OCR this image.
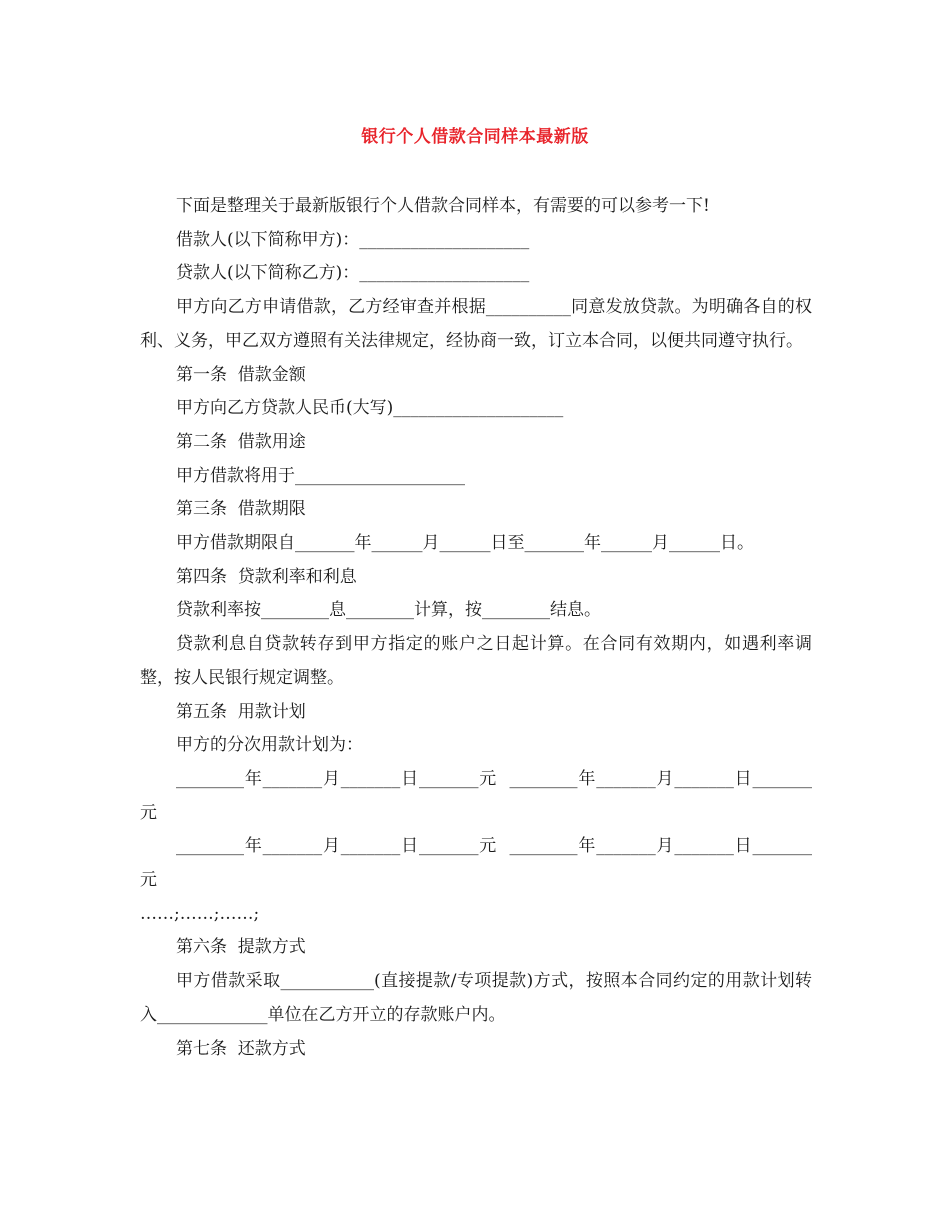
银行个人借款合同样本最新版

下面是整理关于最新版银行个人借款合同样本，有需要的可以参考一下!

借款人(以下简称甲方)：____________________

贷款人(以下简称乙方)：____________________

甲方向乙方申请借款，乙方经审查并根据__________同意发放贷款。为明确各自的权利、义务，甲乙双方遵照有关法律规定，经协商一致，订立本合同，以便共同遵守执行。

第一条  借款金额

甲方向乙方贷款人民币(大写)____________________

第二条  借款用途

甲方借款将用于____________________

第三条  借款期限

甲方借款期限自_______年______月______日至_______年______月______日。

第四条  贷款利率和利息

贷款利率按________息________计算，按________结息。

贷款利息自贷款转存到甲方指定的账户之日起计算。在合同有效期内，如遇利率调整，按人民银行规定调整。

第五条  用款计划

甲方的分次用款计划为：

________年_______月_______日_______元  ________年_______月_______日_______元

________年_______月_______日_______元  ________年_______月_______日_______元

……;……;……;

第六条  提款方式

甲方借款采取___________(直接提款/专项提款)方式，按照本合同约定的用款计划转入_____________单位在乙方开立的存款账户内。

第七条  还款方式
